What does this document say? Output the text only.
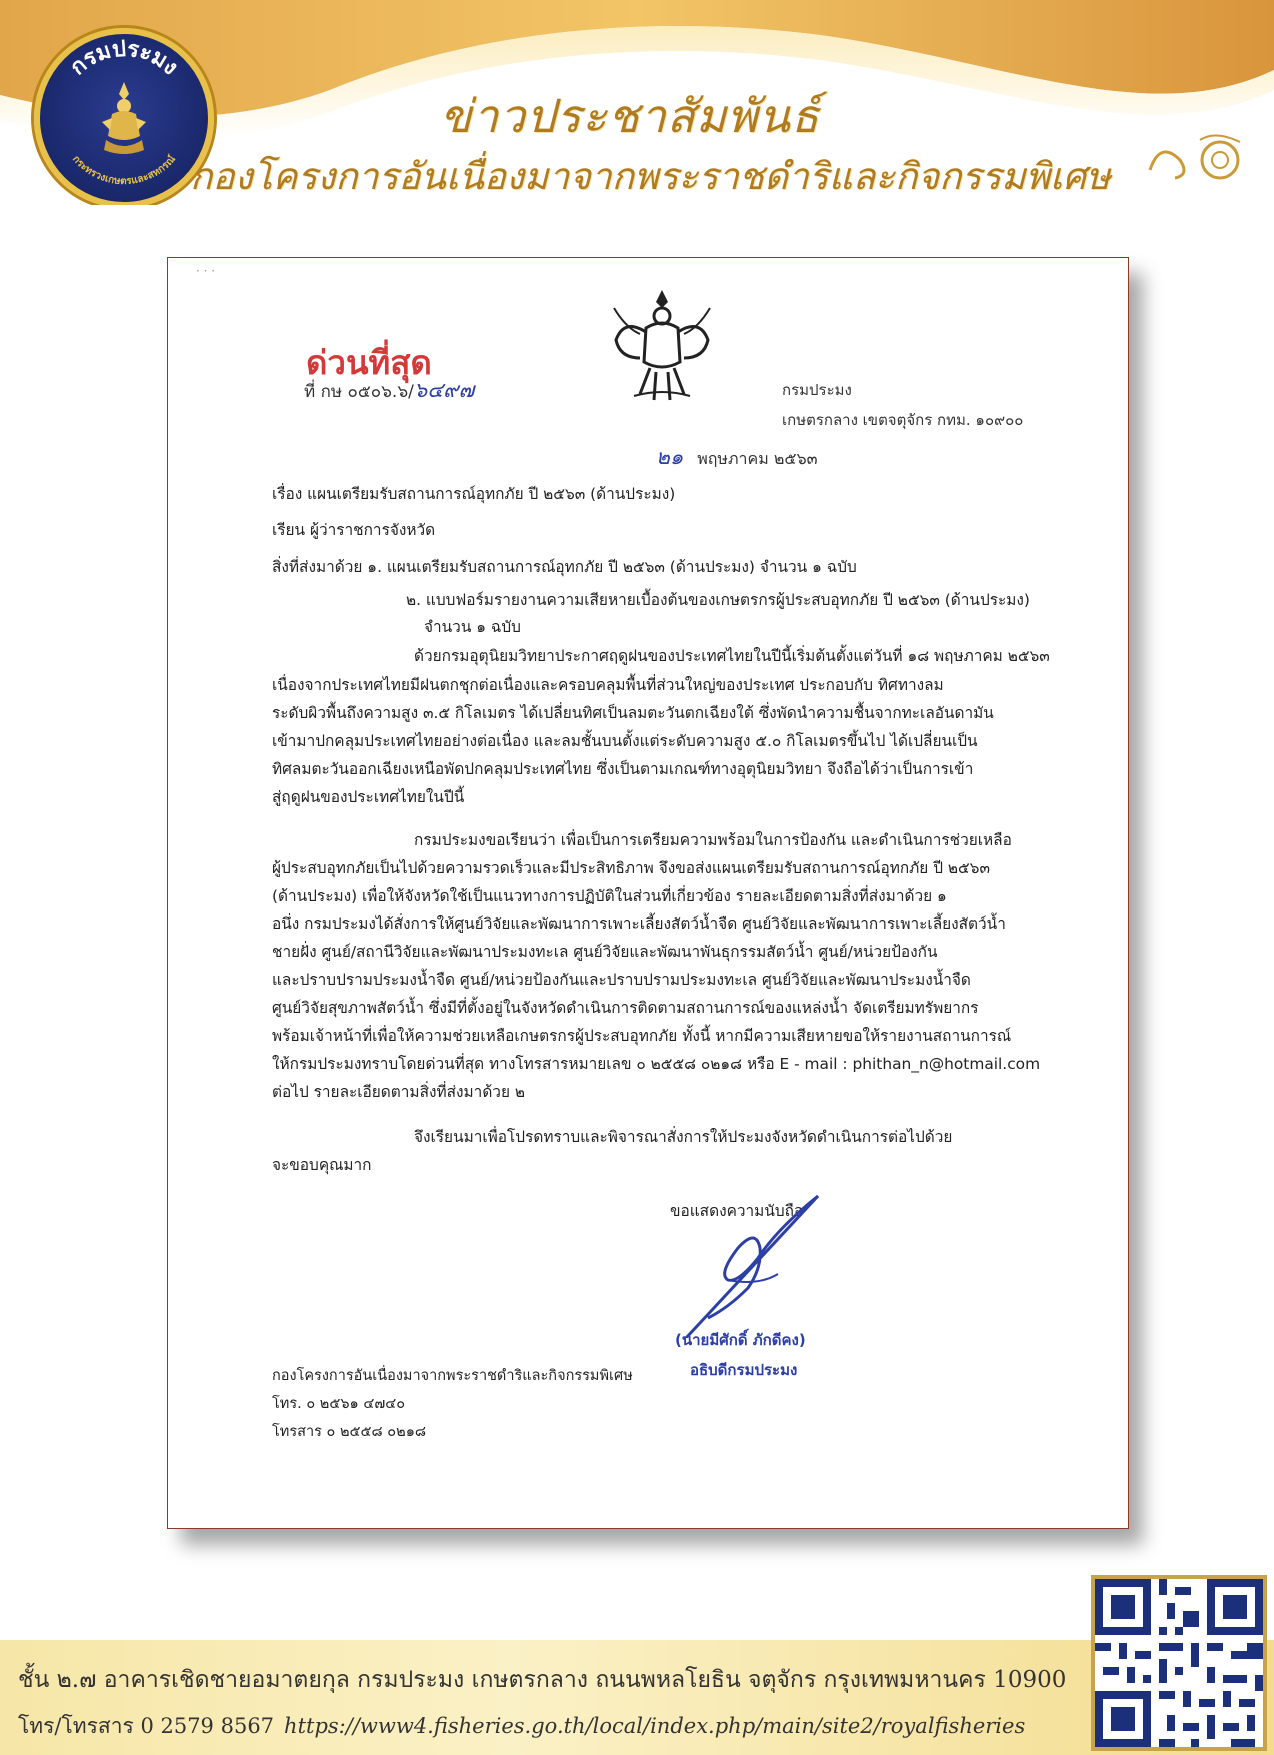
กรมประมง
กระทรวงเกษตรและสหกรณ์
ข่าวประชาสัมพันธ์
กองโครงการอันเนื่องมาจากพระราชดำริและกิจกรรมพิเศษ
· · ·
ด่วนที่สุด
ที่ กษ ๐๕๐๖.๖/๖๔๙๗	กรมประมง
เกษตรกลาง เขตจตุจักร กทม. ๑๐๙๐๐
๒๑ พฤษภาคม ๒๕๖๓
เรื่อง แผนเตรียมรับสถานการณ์อุทกภัย ปี ๒๕๖๓ (ด้านประมง)
เรียน ผู้ว่าราชการจังหวัด
สิ่งที่ส่งมาด้วย ๑. แผนเตรียมรับสถานการณ์อุทกภัย ปี ๒๕๖๓ (ด้านประมง) จำนวน ๑ ฉบับ
๒. แบบฟอร์มรายงานความเสียหายเบื้องต้นของเกษตรกรผู้ประสบอุทกภัย ปี ๒๕๖๓ (ด้านประมง)
จำนวน ๑ ฉบับ
ด้วยกรมอุตุนิยมวิทยาประกาศฤดูฝนของประเทศไทยในปีนี้เริ่มต้นตั้งแต่วันที่ ๑๘ พฤษภาคม ๒๕๖๓
เนื่องจากประเทศไทยมีฝนตกชุกต่อเนื่องและครอบคลุมพื้นที่ส่วนใหญ่ของประเทศ ประกอบกับ ทิศทางลม
ระดับผิวพื้นถึงความสูง ๓.๕ กิโลเมตร ได้เปลี่ยนทิศเป็นลมตะวันตกเฉียงใต้ ซึ่งพัดนำความชื้นจากทะเลอันดามัน
เข้ามาปกคลุมประเทศไทยอย่างต่อเนื่อง และลมชั้นบนตั้งแต่ระดับความสูง ๕.๐ กิโลเมตรขึ้นไป ได้เปลี่ยนเป็น
ทิศลมตะวันออกเฉียงเหนือพัดปกคลุมประเทศไทย ซึ่งเป็นตามเกณฑ์ทางอุตุนิยมวิทยา จึงถือได้ว่าเป็นการเข้า
สู่ฤดูฝนของประเทศไทยในปีนี้
กรมประมงขอเรียนว่า เพื่อเป็นการเตรียมความพร้อมในการป้องกัน และดำเนินการช่วยเหลือ
ผู้ประสบอุทกภัยเป็นไปด้วยความรวดเร็วและมีประสิทธิภาพ จึงขอส่งแผนเตรียมรับสถานการณ์อุทกภัย ปี ๒๕๖๓
(ด้านประมง) เพื่อให้จังหวัดใช้เป็นแนวทางการปฏิบัติในส่วนที่เกี่ยวข้อง รายละเอียดตามสิ่งที่ส่งมาด้วย ๑
อนึ่ง กรมประมงได้สั่งการให้ศูนย์วิจัยและพัฒนาการเพาะเลี้ยงสัตว์น้ำจืด ศูนย์วิจัยและพัฒนาการเพาะเลี้ยงสัตว์น้ำ
ชายฝั่ง ศูนย์/สถานีวิจัยและพัฒนาประมงทะเล ศูนย์วิจัยและพัฒนาพันธุกรรมสัตว์น้ำ ศูนย์/หน่วยป้องกัน
และปราบปรามประมงน้ำจืด ศูนย์/หน่วยป้องกันและปราบปรามประมงทะเล ศูนย์วิจัยและพัฒนาประมงน้ำจืด
ศูนย์วิจัยสุขภาพสัตว์น้ำ ซึ่งมีที่ตั้งอยู่ในจังหวัดดำเนินการติดตามสถานการณ์ของแหล่งน้ำ จัดเตรียมทรัพยากร
พร้อมเจ้าหน้าที่เพื่อให้ความช่วยเหลือเกษตรกรผู้ประสบอุทกภัย ทั้งนี้ หากมีความเสียหายขอให้รายงานสถานการณ์
ให้กรมประมงทราบโดยด่วนที่สุด ทางโทรสารหมายเลข ๐ ๒๕๕๘ ๐๒๑๘ หรือ E - mail : phithan_n@hotmail.com
ต่อไป รายละเอียดตามสิ่งที่ส่งมาด้วย ๒
จึงเรียนมาเพื่อโปรดทราบและพิจารณาสั่งการให้ประมงจังหวัดดำเนินการต่อไปด้วย
จะขอบคุณมาก
ขอแสดงความนับถือ
(นายมีศักดิ์ ภักดีคง)
อธิบดีกรมประมง
กองโครงการอันเนื่องมาจากพระราชดำริและกิจกรรมพิเศษ
โทร. ๐ ๒๕๖๑ ๔๗๔๐
โทรสาร ๐ ๒๕๕๘ ๐๒๑๘
ชั้น ๒.๗ อาคารเชิดชายอมาตยกุล กรมประมง เกษตรกลาง ถนนพหลโยธิน จตุจักร กรุงเทพมหานคร 10900
โทร/โทรสาร 0 2579 8567 https://www4.fisheries.go.th/local/index.php/main/site2/royalfisheries
